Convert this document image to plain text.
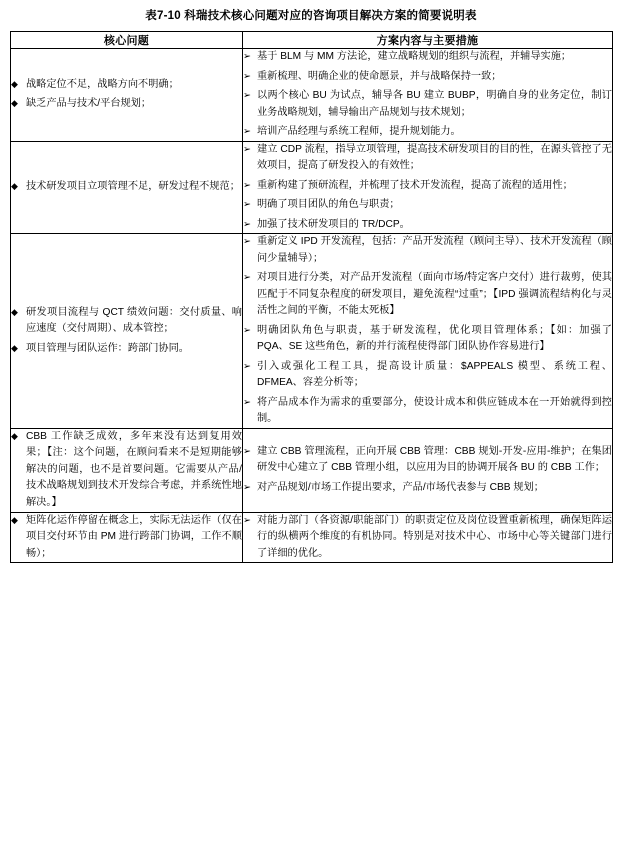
表7-10 科瑞技术核心问题对应的咨询项目解决方案的简要说明表
核心问题	方案内容与主要措施

◆ 战略定位不足，战略方向不明确；
◆ 缺乏产品与技术/平台规划；

➢ 基于 BLM 与 MM 方法论，建立战略规划的组织与流程，并辅导实施；
➢ 重新梳理、明确企业的使命愿景，并与战略保持一致；
➢ 以两个核心 BU 为试点，辅导各 BU 建立 BUBP，明确自身的业务定位，制订业务战略规划，辅导输出产品规划与技术规划；
➢ 培训产品经理与系统工程师，提升规划能力。

◆ 技术研发项目立项管理不足，研发过程不规范；

➢ 建立 CDP 流程，指导立项管理，提高技术研发项目的目的性，在源头管控了无效项目，提高了研发投入的有效性；
➢ 重新构建了预研流程，并梳理了技术开发流程，提高了流程的适用性；
➢ 明确了项目团队的角色与职责；
➢ 加强了技术研发项目的 TR/DCP。

◆ 研发项目流程与 QCT 绩效问题：交付质量、响应速度（交付周期）、成本管控；
◆ 项目管理与团队运作：跨部门协同。

➢ 重新定义 IPD 开发流程，包括：产品开发流程（顾问主导）、技术开发流程（顾问少量辅导）；
➢ 对项目进行分类，对产品开发流程（面向市场/特定客户交付）进行裁剪，使其匹配于不同复杂程度的研发项目，避免流程“过重”；【IPD 强调流程结构化与灵活性之间的平衡，不能太死板】
➢ 明确团队角色与职责，基于研发流程，优化项目管理体系；【如：加强了 PQA、SE 这些角色，新的并行流程使得部门团队协作容易进行】
➢ 引入或强化工程工具，提高设计质量：$APPEALS 模型、系统工程、DFMEA、容差分析等；
➢ 将产品成本作为需求的重要部分，使设计成本和供应链成本在一开始就得到控制。

◆ CBB 工作缺乏成效，多年来没有达到复用效果；【注：这个问题，在顾问看来不是短期能够解决的问题，也不是首要问题。它需要从产品/技术战略规划到技术开发综合考虑，并系统性地解决。】

➢ 建立 CBB 管理流程，正向开展 CBB 管理：CBB 规划-开发-应用-维护；在集团研发中心建立了 CBB 管理小组，以应用为目的协调开展各 BU 的 CBB 工作；
➢ 对产品规划/市场工作提出要求，产品/市场代表参与 CBB 规划；

◆ 矩阵化运作停留在概念上，实际无法运作（仅在项目交付环节由 PM 进行跨部门协调，工作不顺畅）；

➢ 对能力部门（各资源/职能部门）的职责定位及岗位设置重新梳理，确保矩阵运行的纵横两个维度的有机协同。特别是对技术中心、市场中心等关键部门进行了详细的优化。
